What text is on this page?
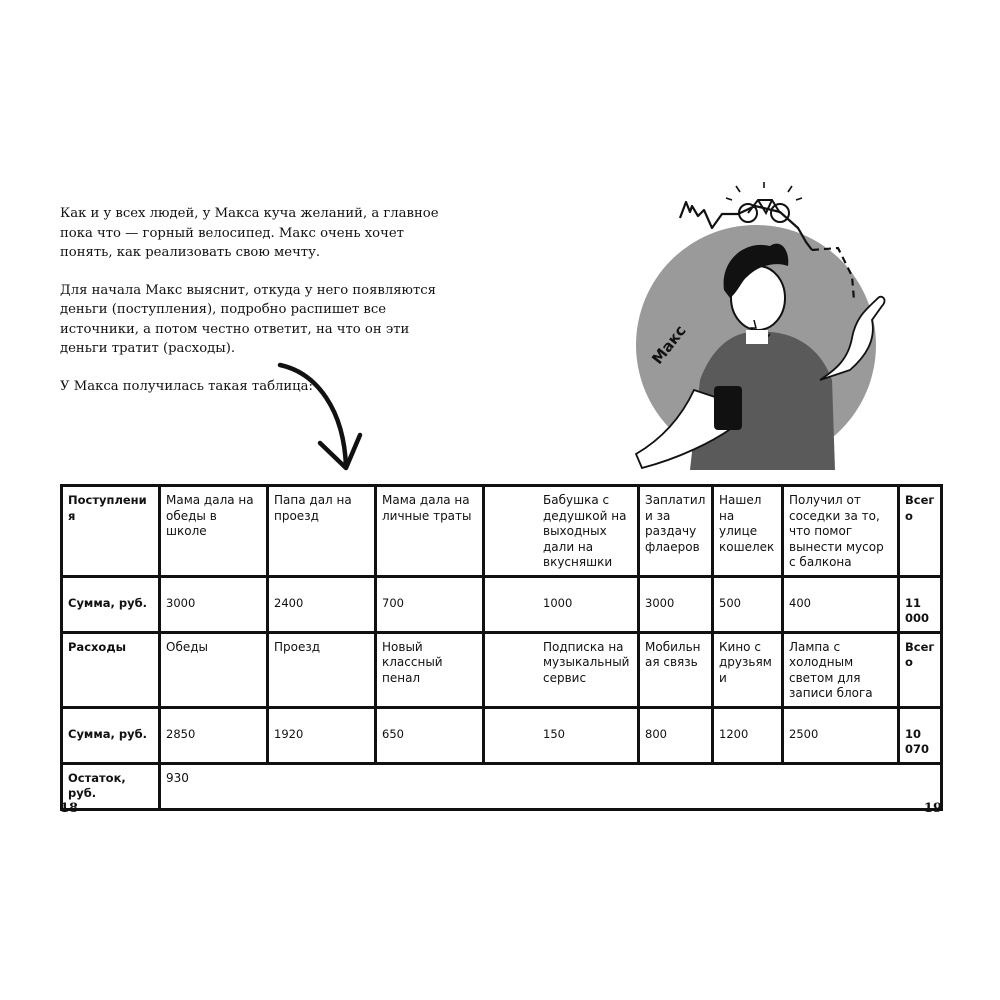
Как и у всех людей, у Макса куча желаний, а главное пока что — горный велосипед. Макс очень хочет понять, как реализовать свою мечту.

Для начала Макс выяснит, откуда у него появляются деньги (поступления), подробно распишет все источники, а потом честно ответит, на что он эти деньги тратит (расходы).

У Макса получилась такая таблица:

Макс
Поступления	Мама дала на обеды в школе	Папа дал на проезд	Мама дала на личные траты	Бабушка с дедушкой на выходных дали на вкусняшки	Заплатили за раздачу флаеров	Нашел на улице кошелек	Получил от соседки за то, что помог вынести мусор с балкона	Всего
Сумма, руб.	3000	2400	700	1000	3000	500	400	11 000
Расходы	Обеды	Проезд	Новый классный пенал	Подписка на музыкальный сервис	Мобильная связь	Кино с друзьями	Лампа с холодным светом для записи блога	Всего
Сумма, руб.	2850	1920	650	150	800	1200	2500	10 070
Остаток, руб.	930							
18	19
